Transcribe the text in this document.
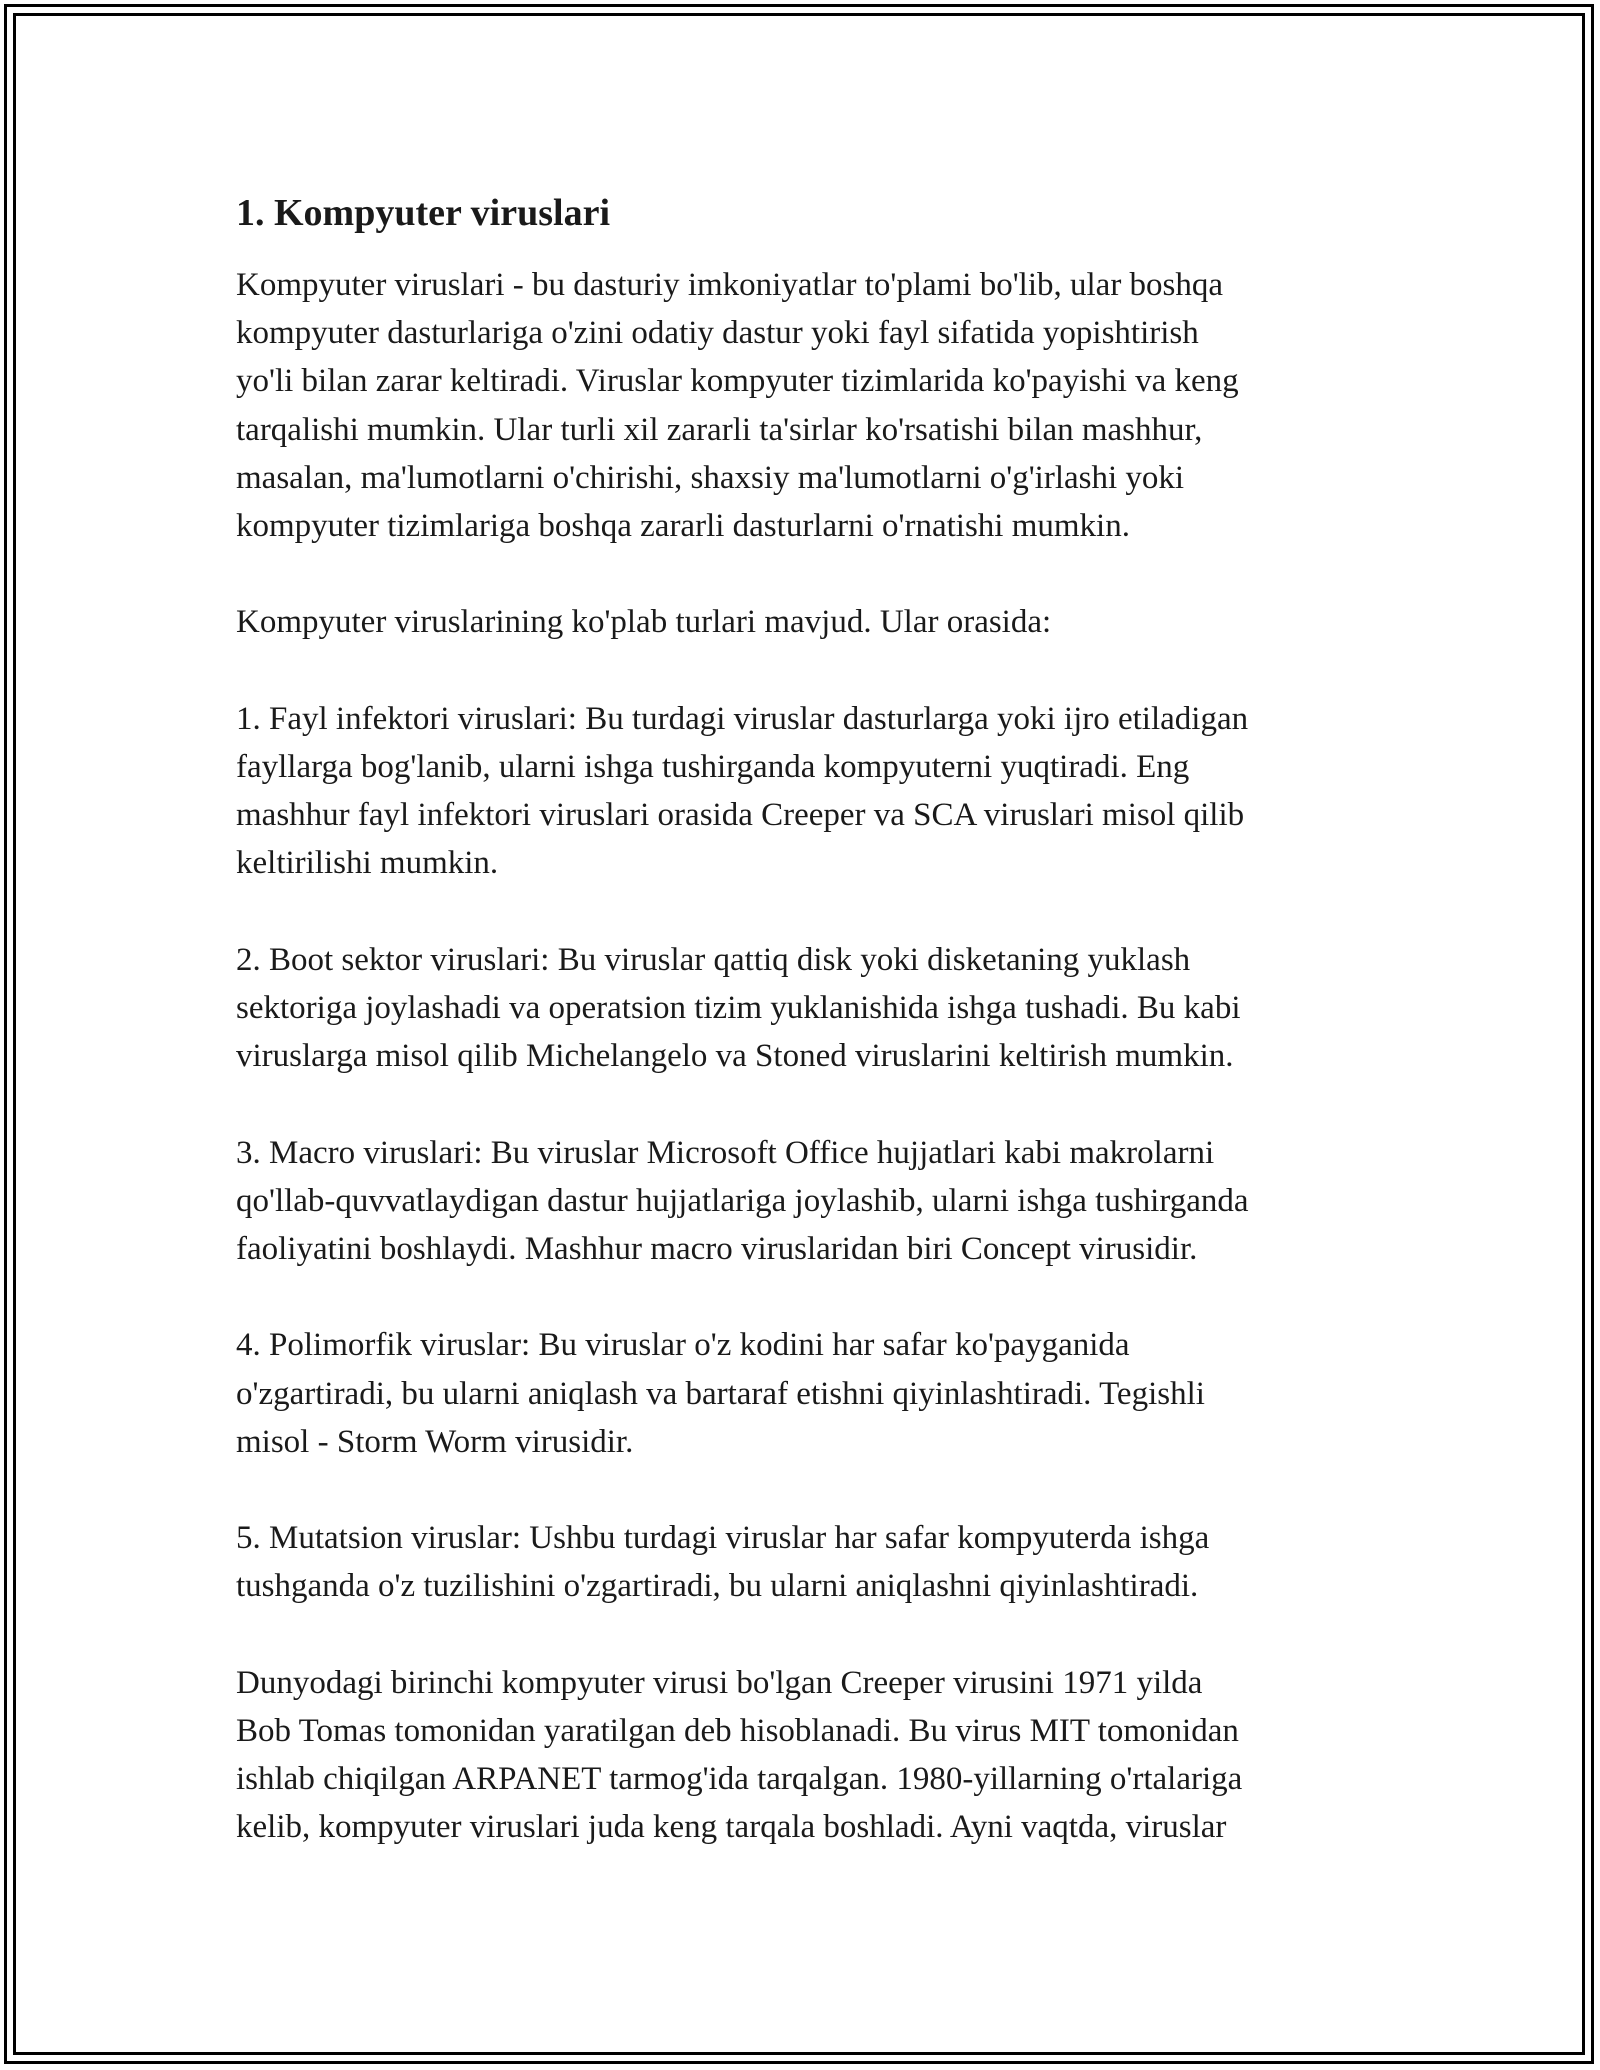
1. Kompyuter viruslari

Kompyuter viruslari - bu dasturiy imkoniyatlar to'plami bo'lib, ular boshqa
kompyuter dasturlariga o'zini odatiy dastur yoki fayl sifatida yopishtirish
yo'li bilan zarar keltiradi. Viruslar kompyuter tizimlarida ko'payishi va keng
tarqalishi mumkin. Ular turli xil zararli ta'sirlar ko'rsatishi bilan mashhur,
masalan, ma'lumotlarni o'chirishi, shaxsiy ma'lumotlarni o'g'irlashi yoki
kompyuter tizimlariga boshqa zararli dasturlarni o'rnatishi mumkin.

Kompyuter viruslarining ko'plab turlari mavjud. Ular orasida:

1. Fayl infektori viruslari: Bu turdagi viruslar dasturlarga yoki ijro etiladigan
fayllarga bog'lanib, ularni ishga tushirganda kompyuterni yuqtiradi. Eng
mashhur fayl infektori viruslari orasida Creeper va SCA viruslari misol qilib
keltirilishi mumkin.

2. Boot sektor viruslari: Bu viruslar qattiq disk yoki disketaning yuklash
sektoriga joylashadi va operatsion tizim yuklanishida ishga tushadi. Bu kabi
viruslarga misol qilib Michelangelo va Stoned viruslarini keltirish mumkin.

3. Macro viruslari: Bu viruslar Microsoft Office hujjatlari kabi makrolarni
qo'llab-quvvatlaydigan dastur hujjatlariga joylashib, ularni ishga tushirganda
faoliyatini boshlaydi. Mashhur macro viruslaridan biri Concept virusidir.

4. Polimorfik viruslar: Bu viruslar o'z kodini har safar ko'payganida
o'zgartiradi, bu ularni aniqlash va bartaraf etishni qiyinlashtiradi. Tegishli
misol - Storm Worm virusidir.

5. Mutatsion viruslar: Ushbu turdagi viruslar har safar kompyuterda ishga
tushganda o'z tuzilishini o'zgartiradi, bu ularni aniqlashni qiyinlashtiradi.

Dunyodagi birinchi kompyuter virusi bo'lgan Creeper virusini 1971 yilda
Bob Tomas tomonidan yaratilgan deb hisoblanadi. Bu virus MIT tomonidan
ishlab chiqilgan ARPANET tarmog'ida tarqalgan. 1980-yillarning o'rtalariga
kelib, kompyuter viruslari juda keng tarqala boshladi. Ayni vaqtda, viruslar
